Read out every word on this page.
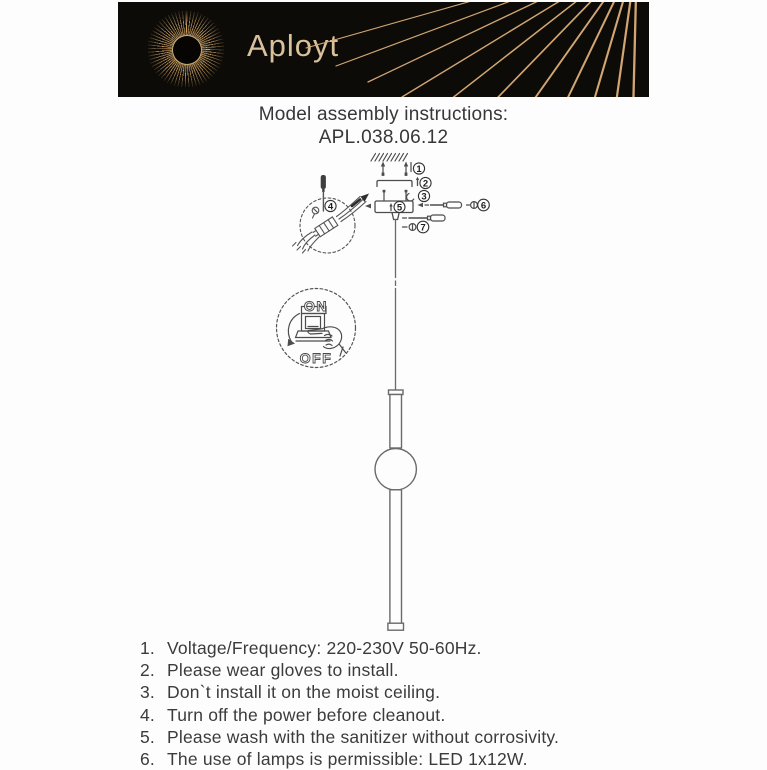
Aployt
Model assembly instructions:
APL.038.06.12
ON
OFF
1
2
3
4	5	6
7
1. Voltage/Frequency: 220-230V 50-60Hz.
2. Please wear gloves to install.
3. Don`t install it on the moist ceiling.
4. Turn off the power before cleanout.
5. Please wash with the sanitizer without corrosivity.
6. The use of lamps is permissible: LED 1x12W.
